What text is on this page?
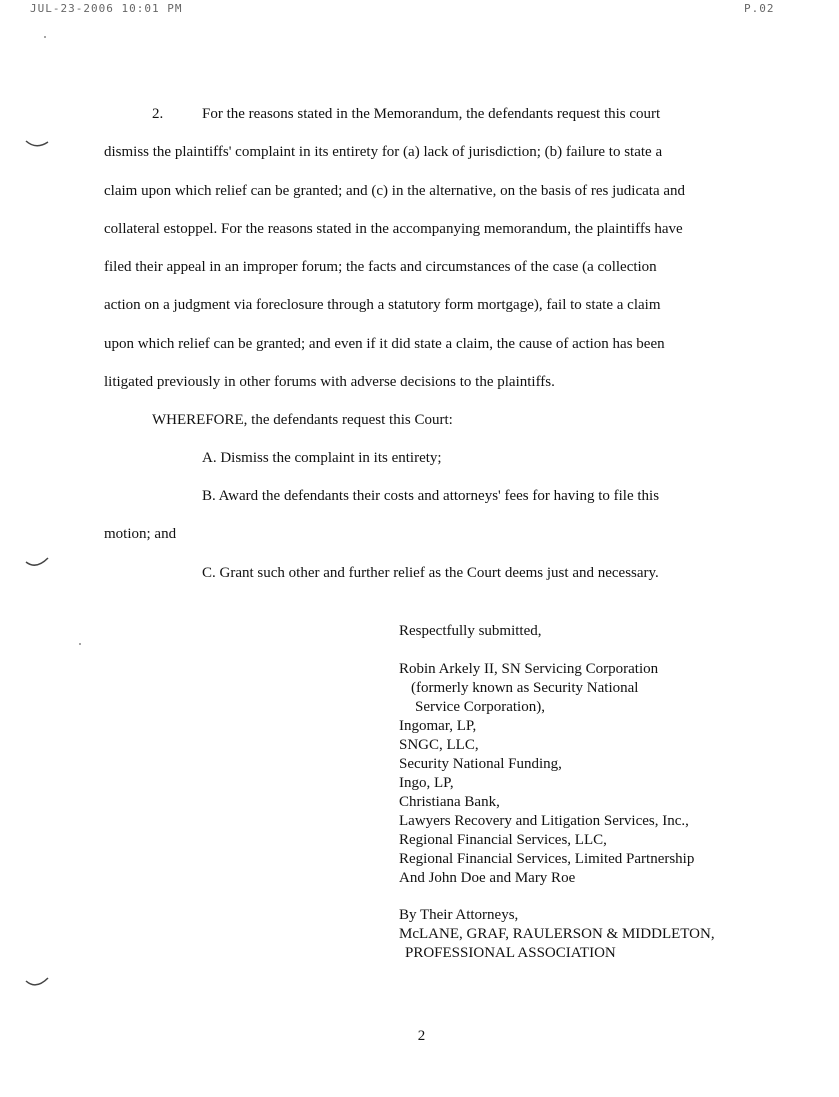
JUL-23-2006 10:01 PM	P.02
2.	For the reasons stated in the Memorandum, the defendants request this court
dismiss the plaintiffs' complaint in its entirety for (a) lack of jurisdiction; (b) failure to state a
claim upon which relief can be granted; and (c) in the alternative, on the basis of res judicata and
collateral estoppel. For the reasons stated in the accompanying memorandum, the plaintiffs have
filed their appeal in an improper forum; the facts and circumstances of the case (a collection
action on a judgment via foreclosure through a statutory form mortgage), fail to state a claim
upon which relief can be granted; and even if it did state a claim, the cause of action has been
litigated previously in other forums with adverse decisions to the plaintiffs.
WHEREFORE, the defendants request this Court:
A. Dismiss the complaint in its entirety;
B. Award the defendants their costs and attorneys' fees for having to file this
motion; and
C. Grant such other and further relief as the Court deems just and necessary.
Respectfully submitted,
Robin Arkely II, SN Servicing Corporation
(formerly known as Security National
Service Corporation),
Ingomar, LP,
SNGC, LLC,
Security National Funding,
Ingo, LP,
Christiana Bank,
Lawyers Recovery and Litigation Services, Inc.,
Regional Financial Services, LLC,
Regional Financial Services, Limited Partnership
And John Doe and Mary Roe
By Their Attorneys,
McLANE, GRAF, RAULERSON & MIDDLETON,
PROFESSIONAL ASSOCIATION
2
